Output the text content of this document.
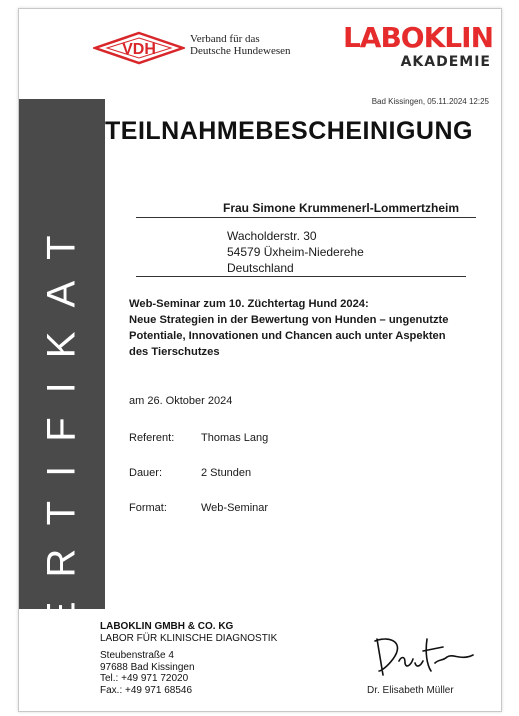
ZERTIFIKAT
VDH
Verband für das
Deutsche Hundewesen LABOKLIN
AKADEMIE
Bad Kissingen, 05.11.2024 12:25
TEILNAHMEBESCHEINIGUNG
Frau Simone Krummenerl-Lommertzheim
Wacholderstr. 30
54579 Üxheim-Niederehe
Deutschland
Web-Seminar zum 10. Züchtertag Hund 2024:
Neue Strategien in der Bewertung von Hunden – ungenutzte
Potentiale, Innovationen und Chancen auch unter Aspekten
des Tierschutzes
am 26. Oktober 2024
Referent: Thomas Lang
Dauer:	2 Stunden
Format:	Web-Seminar
LABOKLIN GMBH & CO. KG
LABOR FÜR KLINISCHE DIAGNOSTIK
Steubenstraße 4
97688 Bad Kissingen
Tel.: +49 971 72020
Fax.: +49 971 68546	Dr. Elisabeth Müller
